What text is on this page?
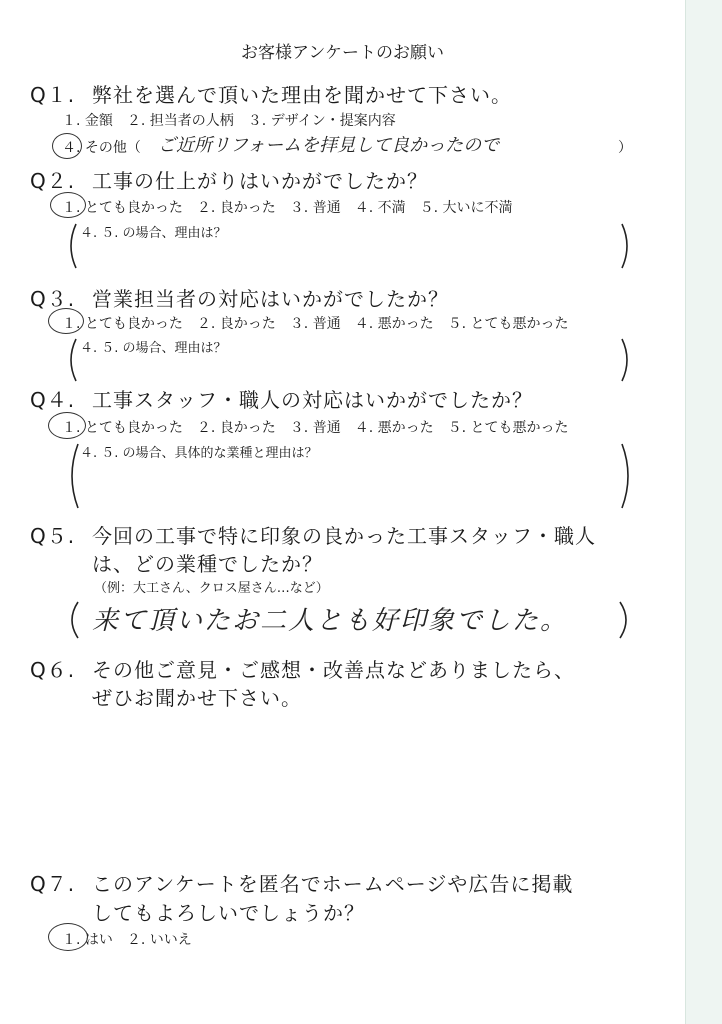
お客様アンケートのお願い
Q１. 弊社を選んで頂いた理由を聞かせて下さい。
１. 金額　２. 担当者の人柄　３. デザイン・提案内容
４. その他（ ご近所リフォームを拝見して良かったので	）
Q２. 工事の仕上がりはいかがでしたか？
１. とても良かった　２. 良かった　３. 普通　４. 不満　５. 大いに不満
４. ５. の場合、理由は？
Q３. 営業担当者の対応はいかがでしたか？
１. とても良かった　２. 良かった　３. 普通　４. 悪かった　５. とても悪かった
４. ５. の場合、理由は？
Q４. 工事スタッフ・職人の対応はいかがでしたか？
１. とても良かった　２. 良かった　３. 普通　４. 悪かった　５. とても悪かった
４. ５. の場合、具体的な業種と理由は？
Q５. 今回の工事で特に印象の良かった工事スタッフ・職人
は、どの業種でしたか？
（例：大工さん、クロス屋さん…など）
来て頂いたお二人とも好印象でした。
Q６. その他ご意見・ご感想・改善点などありましたら、
ぜひお聞かせ下さい。
Q７. このアンケートを匿名でホームページや広告に掲載
してもよろしいでしょうか？
１. はい　２. いいえ
